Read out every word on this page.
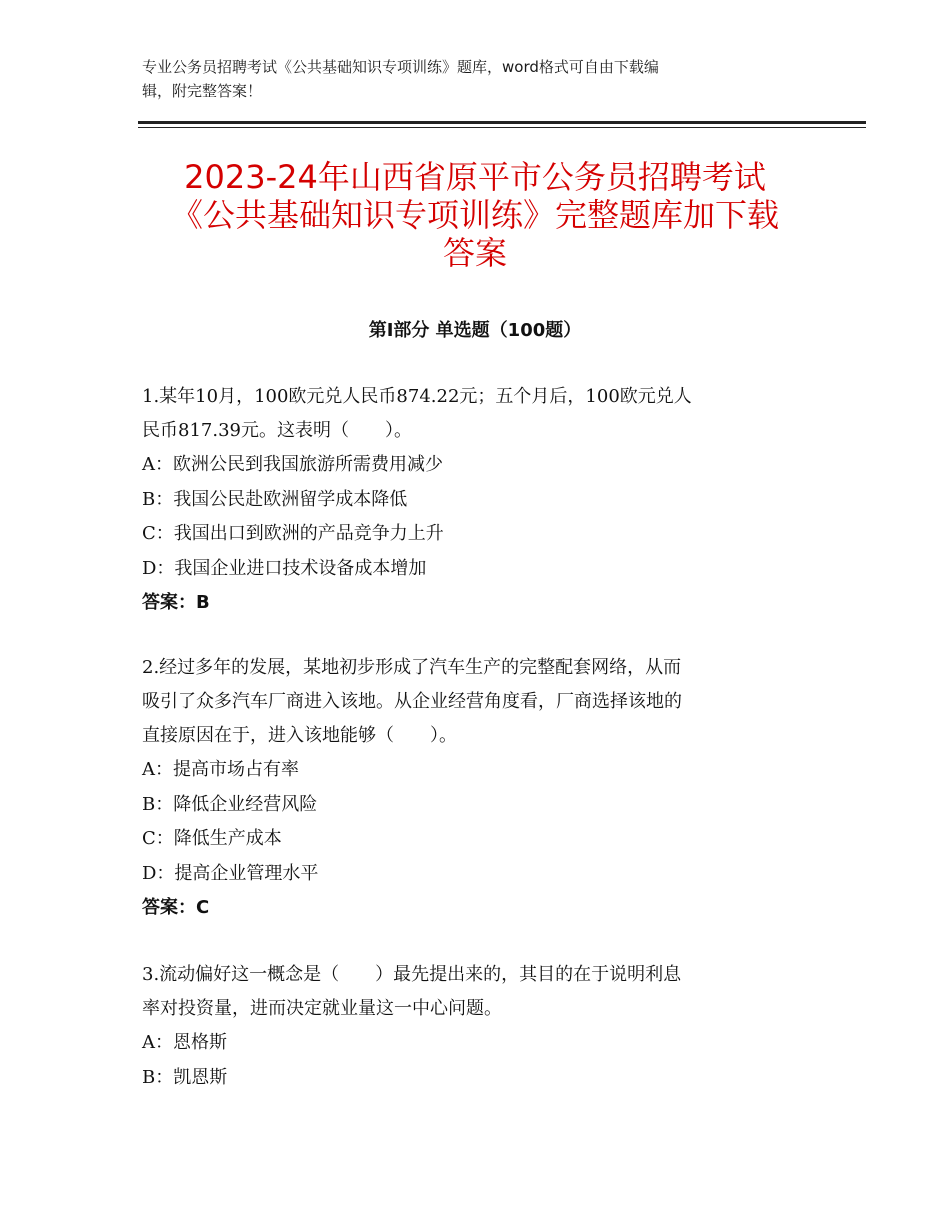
专业公务员招聘考试《公共基础知识专项训练》题库，word格式可自由下载编
辑，附完整答案！
2023-24年山西省原平市公务员招聘考试
《公共基础知识专项训练》完整题库加下载
答案
第Ⅰ部分 单选题（100题）

1.某年10月，100欧元兑人民币874.22元；五个月后，100欧元兑人

民币817.39元。这表明（　　）。

A：欧洲公民到我国旅游所需费用减少

B：我国公民赴欧洲留学成本降低

C：我国出口到欧洲的产品竞争力上升

D：我国企业进口技术设备成本增加

答案：B

2.经过多年的发展，某地初步形成了汽车生产的完整配套网络，从而

吸引了众多汽车厂商进入该地。从企业经营角度看，厂商选择该地的

直接原因在于，进入该地能够（　　）。

A：提高市场占有率

B：降低企业经营风险

C：降低生产成本

D：提高企业管理水平

答案：C

3.流动偏好这一概念是（　　）最先提出来的，其目的在于说明利息

率对投资量，进而决定就业量这一中心问题。

A：恩格斯

B：凯恩斯
